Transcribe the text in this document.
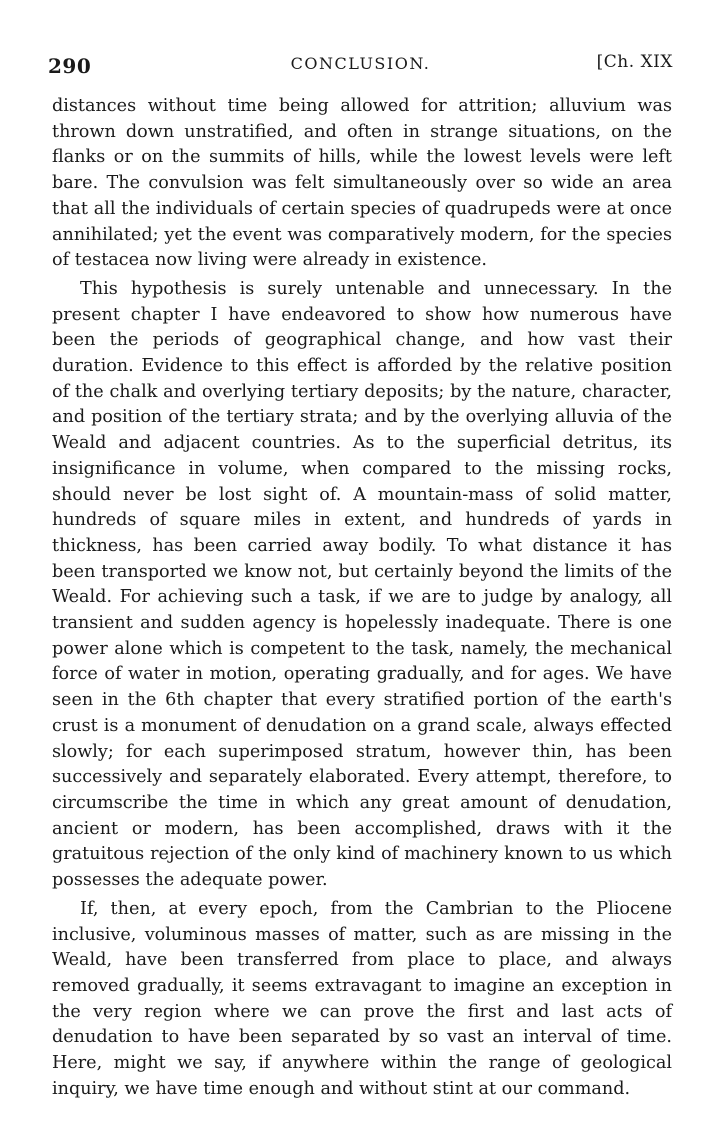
290	CONCLUSION.	[Ch. XIX

distances without time being allowed for attrition; alluvium was thrown down unstratified, and often in strange situations, on the flanks or on the summits of hills, while the lowest levels were left bare. The convulsion was felt simultaneously over so wide an area that all the individuals of certain species of quadrupeds were at once annihilated; yet the event was comparatively modern, for the species of testacea now living were already in existence.

This hypothesis is surely untenable and unnecessary. In the present chapter I have endeavored to show how numerous have been the periods of geographical change, and how vast their duration. Evidence to this effect is afforded by the relative position of the chalk and overlying tertiary deposits; by the nature, character, and position of the tertiary strata; and by the overlying alluvia of the Weald and adjacent countries. As to the superficial detritus, its insignificance in volume, when compared to the missing rocks, should never be lost sight of. A mountain-mass of solid matter, hundreds of square miles in extent, and hundreds of yards in thickness, has been carried away bodily. To what distance it has been transported we know not, but certainly beyond the limits of the Weald. For achieving such a task, if we are to judge by analogy, all transient and sudden agency is hopelessly inadequate. There is one power alone which is competent to the task, namely, the mechanical force of water in motion, operating gradually, and for ages. We have seen in the 6th chapter that every stratified portion of the earth's crust is a monument of denudation on a grand scale, always effected slowly; for each superimposed stratum, however thin, has been successively and separately elaborated. Every attempt, therefore, to circumscribe the time in which any great amount of denudation, ancient or modern, has been accomplished, draws with it the gratuitous rejection of the only kind of machinery known to us which possesses the adequate power.

If, then, at every epoch, from the Cambrian to the Pliocene inclusive, voluminous masses of matter, such as are missing in the Weald, have been transferred from place to place, and always removed gradually, it seems extravagant to imagine an exception in the very region where we can prove the first and last acts of denudation to have been separated by so vast an interval of time. Here, might we say, if anywhere within the range of geological inquiry, we have time enough and without stint at our command.
